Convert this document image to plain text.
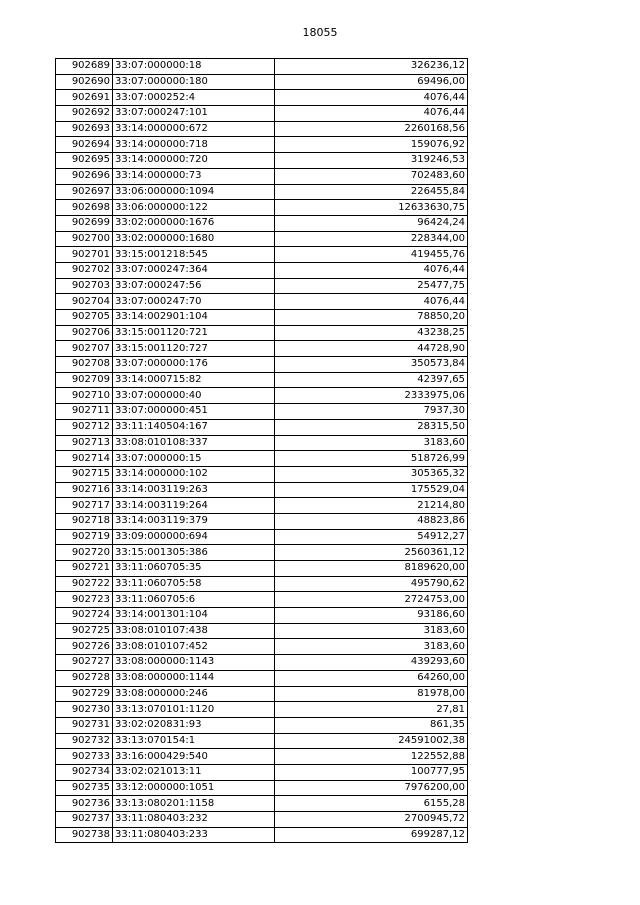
18055
902689	33:07:000000:18	326236,12
902690	33:07:000000:180	69496,00
902691	33:07:000252:4	4076,44
902692	33:07:000247:101	4076,44
902693	33:14:000000:672	2260168,56
902694	33:14:000000:718	159076,92
902695	33:14:000000:720	319246,53
902696	33:14:000000:73	702483,60
902697	33:06:000000:1094	226455,84
902698	33:06:000000:122	12633630,75
902699	33:02:000000:1676	96424,24
902700	33:02:000000:1680	228344,00
902701	33:15:001218:545	419455,76
902702	33:07:000247:364	4076,44
902703	33:07:000247:56	25477,75
902704	33:07:000247:70	4076,44
902705	33:14:002901:104	78850,20
902706	33:15:001120:721	43238,25
902707	33:15:001120:727	44728,90
902708	33:07:000000:176	350573,84
902709	33:14:000715:82	42397,65
902710	33:07:000000:40	2333975,06
902711	33:07:000000:451	7937,30
902712	33:11:140504:167	28315,50
902713	33:08:010108:337	3183,60
902714	33:07:000000:15	518726,99
902715	33:14:000000:102	305365,32
902716	33:14:003119:263	175529,04
902717	33:14:003119:264	21214,80
902718	33:14:003119:379	48823,86
902719	33:09:000000:694	54912,27
902720	33:15:001305:386	2560361,12
902721	33:11:060705:35	8189620,00
902722	33:11:060705:58	495790,62
902723	33:11:060705:6	2724753,00
902724	33:14:001301:104	93186,60
902725	33:08:010107:438	3183,60
902726	33:08:010107:452	3183,60
902727	33:08:000000:1143	439293,60
902728	33:08:000000:1144	64260,00
902729	33:08:000000:246	81978,00
902730	33:13:070101:1120	27,81
902731	33:02:020831:93	861,35
902732	33:13:070154:1	24591002,38
902733	33:16:000429:540	122552,88
902734	33:02:021013:11	100777,95
902735	33:12:000000:1051	7976200,00
902736	33:13:080201:1158	6155,28
902737	33:11:080403:232	2700945,72
902738	33:11:080403:233	699287,12
